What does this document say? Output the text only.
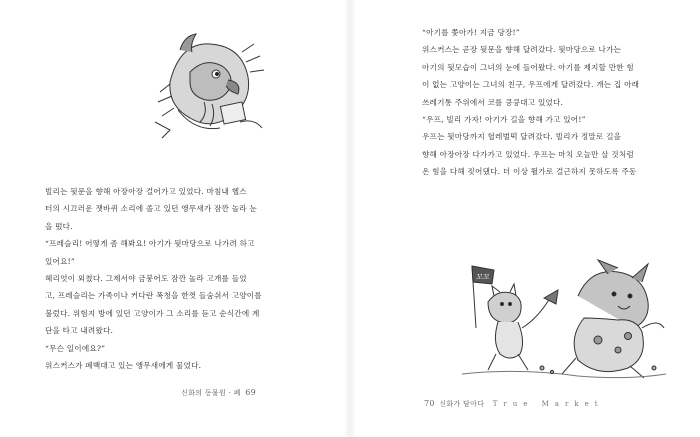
빌리는 뒷문을 향해 아장아장 걸어가고 있었다. 마침내 헬스

터의 시끄러운 잿바퀴 소리에 졸고 있던 앵무새가 잠깐 놀라 눈

을 떴다.

“프레슬리! 어떻게 좀 해봐요! 아기가 뒷마당으로 나가려 하고

있어요!”

헤리엇이 외쳤다. 그제서야 금붕어도 잠깐 놀라 고개를 들었

고, 프레슬리는 가족이나 커다란 폭청을 한껏 들숨쉬서 고양이를

불렀다. 위험지 방에 있던 고양이가 그 소리를 듣고 순식간에 계

단을 타고 내려왔다.

“무슨 일이에요?”

위스커스가 폐백대고 있는 앵무새에게 물었다.

신화의 동물원 · 폐 69

“아기를 쫓아가! 지금 당장!”

위스커스는 곧장 뒷문을 향해 달려갔다. 뒷마당으로 나가는

아기의 뒷모습이 그녀의 눈에 들어왔다. 아기를 제지할 만한 힘

이 없는 고양이는 그녀의 친구, 우프에게 달려갔다. 개는 집 아래

쓰레기통 주위에서 코를 킁킁대고 있었다.

“우프, 빌리 가자! 아기가 길을 향해 가고 있어!”

우프는 뒷마당까지 헐레벌떡 달려갔다. 빌리가 정말로 길을

향해 아장아장 다가가고 있었다. 우프는 마치 오늘만 살 것처럼

온 힘을 다해 짖어댔다. 더 이상 뛸가로 걸근하지 못하도록 주동

꼬꼬
70 신화가 담아다 True Market
